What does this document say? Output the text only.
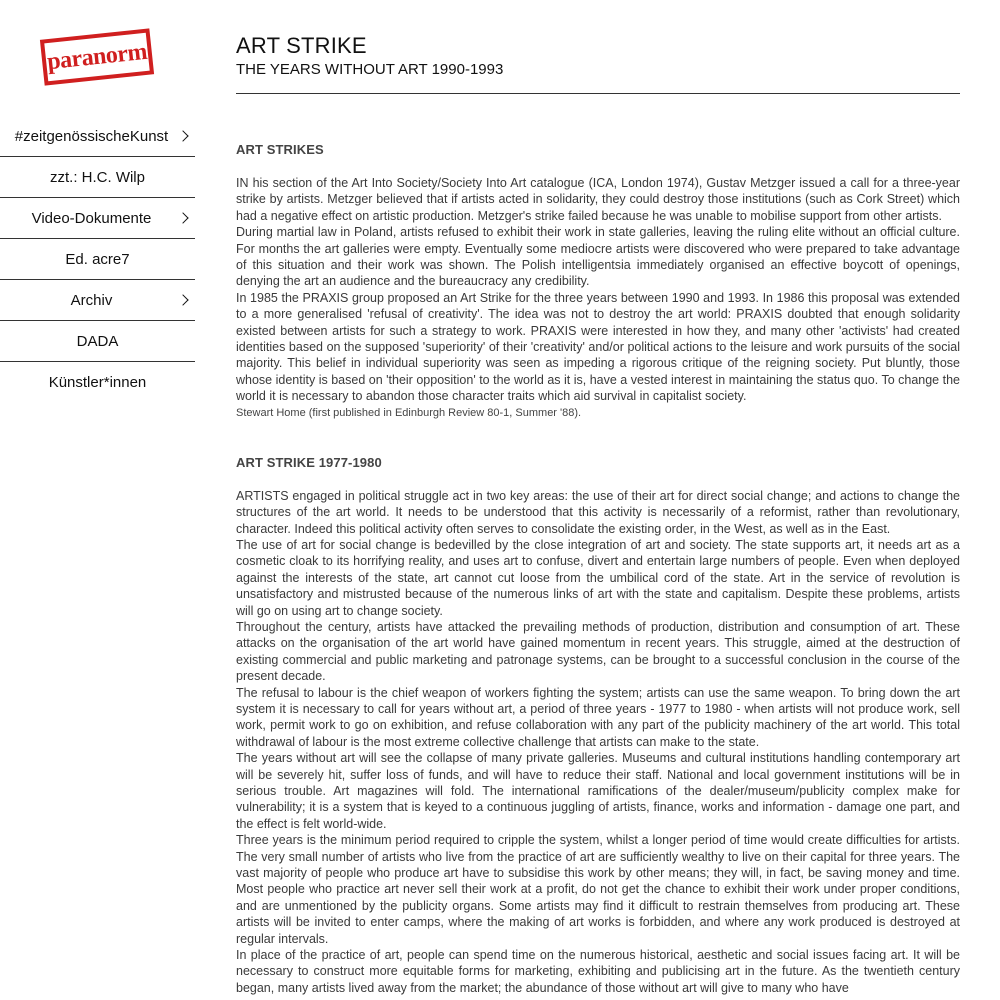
paranorm
#zeitgenössischeKunst
zzt.: H.C. Wilp
Video-Dokumente
Ed. acre7
Archiv
DADA
Künstler*innen
ART STRIKE
THE YEARS WITHOUT ART 1990-1993
ART STRIKES

IN his section of the Art Into Society/Society Into Art catalogue (ICA, London 1974), Gustav Metzger issued a call for a three-year strike by artists. Metzger believed that if artists acted in solidarity, they could destroy those institutions (such as Cork Street) which had a negative effect on artistic production. Metzger's strike failed because he was unable to mobilise support from other artists.

During martial law in Poland, artists refused to exhibit their work in state galleries, leaving the ruling elite without an official culture. For months the art galleries were empty. Eventually some mediocre artists were discovered who were prepared to take advantage of this situation and their work was shown. The Polish intelligentsia immediately organised an effective boycott of openings, denying the art an audience and the bureaucracy any credibility.

In 1985 the PRAXIS group proposed an Art Strike for the three years between 1990 and 1993. In 1986 this proposal was extended to a more generalised 'refusal of creativity'. The idea was not to destroy the art world: PRAXIS doubted that enough solidarity existed between artists for such a strategy to work. PRAXIS were interested in how they, and many other 'activists' had created identities based on the supposed 'superiority' of their 'creativity' and/or political actions to the leisure and work pursuits of the social majority. This belief in individual superiority was seen as impeding a rigorous critique of the reigning society. Put bluntly, those whose identity is based on 'their opposition' to the world as it is, have a vested interest in maintaining the status quo. To change the world it is necessary to abandon those character traits which aid survival in capitalist society.

Stewart Home (first published in Edinburgh Review 80-1, Summer '88).

ART STRIKE 1977-1980

ARTISTS engaged in political struggle act in two key areas: the use of their art for direct social change; and actions to change the structures of the art world. It needs to be understood that this activity is necessarily of a reformist, rather than revolutionary, character. Indeed this political activity often serves to consolidate the existing order, in the West, as well as in the East.

The use of art for social change is bedevilled by the close integration of art and society. The state supports art, it needs art as a cosmetic cloak to its horrifying reality, and uses art to confuse, divert and entertain large numbers of people. Even when deployed against the interests of the state, art cannot cut loose from the umbilical cord of the state. Art in the service of revolution is unsatisfactory and mistrusted because of the numerous links of art with the state and capitalism. Despite these problems, artists will go on using art to change society.

Throughout the century, artists have attacked the prevailing methods of production, distribution and consumption of art. These attacks on the organisation of the art world have gained momentum in recent years. This struggle, aimed at the destruction of existing commercial and public marketing and patronage systems, can be brought to a successful conclusion in the course of the present decade.

The refusal to labour is the chief weapon of workers fighting the system; artists can use the same weapon. To bring down the art system it is necessary to call for years without art, a period of three years - 1977 to 1980 - when artists will not produce work, sell work, permit work to go on exhibition, and refuse collaboration with any part of the publicity machinery of the art world. This total withdrawal of labour is the most extreme collective challenge that artists can make to the state.

The years without art will see the collapse of many private galleries. Museums and cultural institutions handling contemporary art will be severely hit, suffer loss of funds, and will have to reduce their staff. National and local government institutions will be in serious trouble. Art magazines will fold. The international ramifications of the dealer/museum/publicity complex make for vulnerability; it is a system that is keyed to a continuous juggling of artists, finance, works and information - damage one part, and the effect is felt world-wide.

Three years is the minimum period required to cripple the system, whilst a longer period of time would create difficulties for artists. The very small number of artists who live from the practice of art are sufficiently wealthy to live on their capital for three years. The vast majority of people who produce art have to subsidise this work by other means; they will, in fact, be saving money and time. Most people who practice art never sell their work at a profit, do not get the chance to exhibit their work under proper conditions, and are unmentioned by the publicity organs. Some artists may find it difficult to restrain themselves from producing art. These artists will be invited to enter camps, where the making of art works is forbidden, and where any work produced is destroyed at regular intervals.

In place of the practice of art, people can spend time on the numerous historical, aesthetic and social issues facing art. It will be necessary to construct more equitable forms for marketing, exhibiting and publicising art in the future. As the twentieth century began, many artists lived away from the market; the abundance of those without art will give to many who have
